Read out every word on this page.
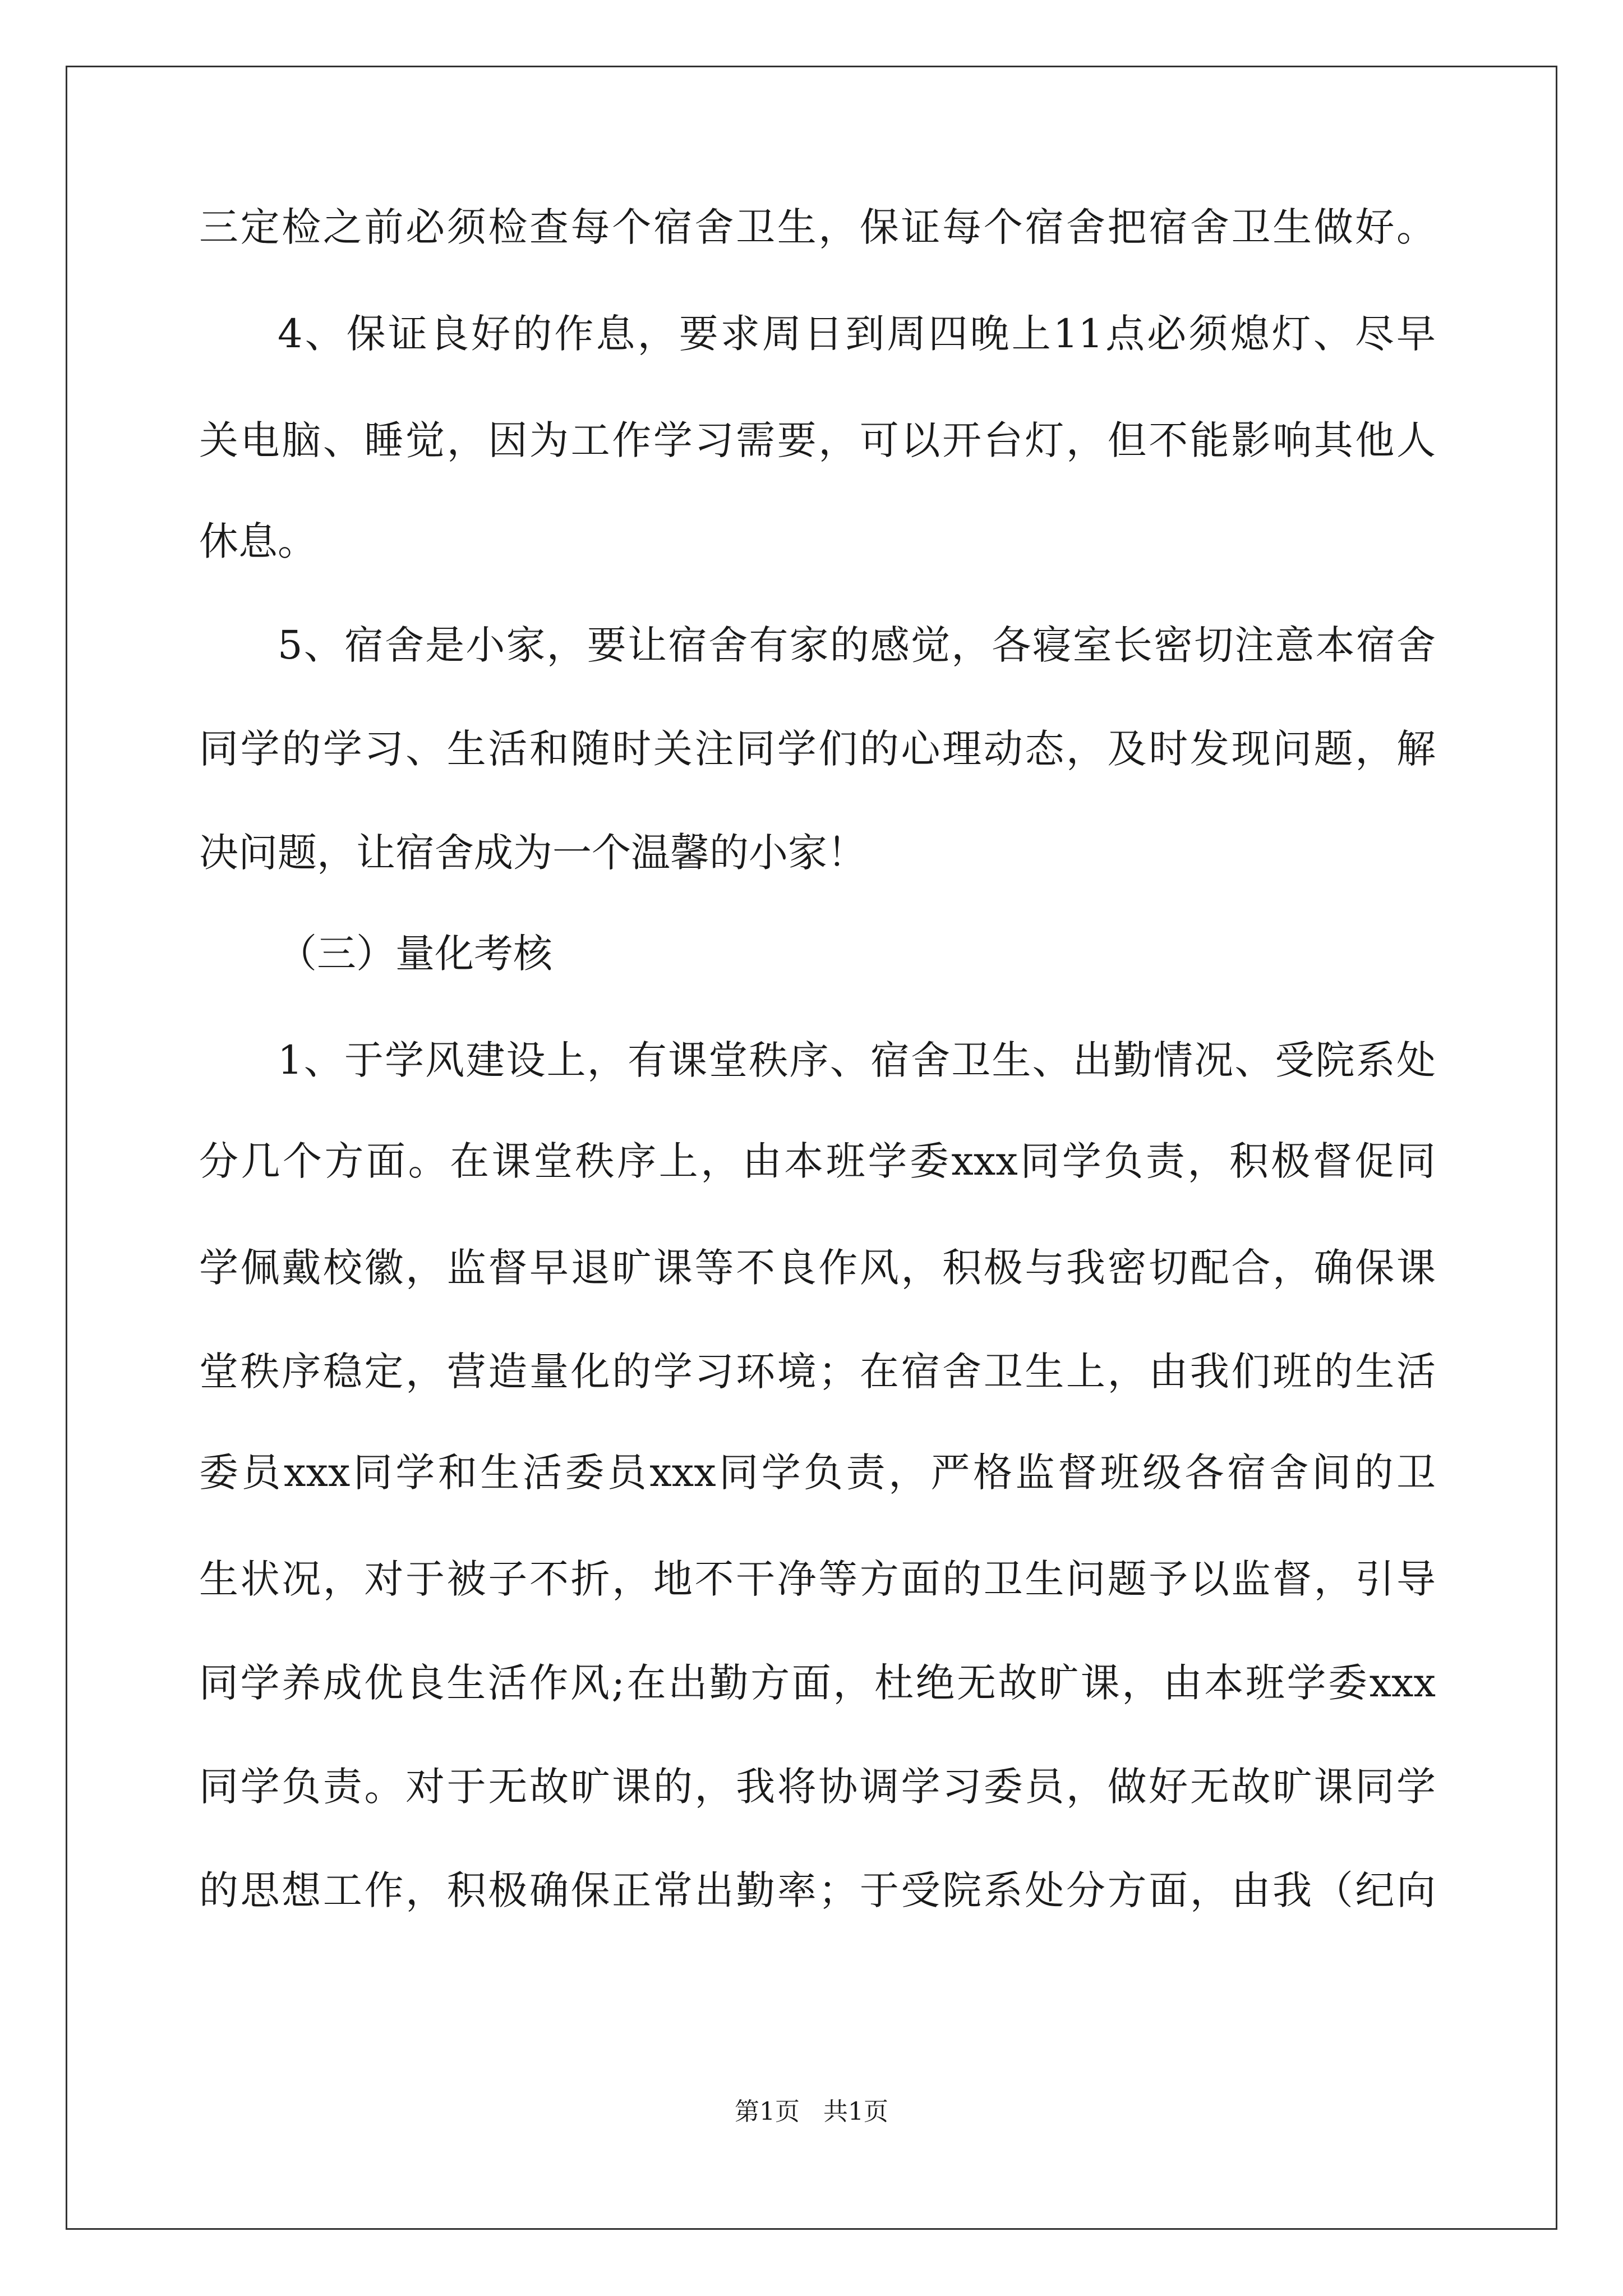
三定检之前必须检查每个宿舍卫生，保证每个宿舍把宿舍卫生做好。
4、保证良好的作息，要求周日到周四晚上11点必须熄灯、尽早
关电脑、睡觉，因为工作学习需要，可以开台灯，但不能影响其他人
休息。
5、宿舍是小家，要让宿舍有家的感觉，各寝室长密切注意本宿舍
同学的学习、生活和随时关注同学们的心理动态，及时发现问题，解
决问题，让宿舍成为一个温馨的小家！
（三）量化考核
1、于学风建设上，有课堂秩序、宿舍卫生、出勤情况、受院系处
分几个方面。在课堂秩序上，由本班学委xxx同学负责，积极督促同
学佩戴校徽，监督早退旷课等不良作风，积极与我密切配合，确保课
堂秩序稳定，营造量化的学习环境；在宿舍卫生上，由我们班的生活
委员xxx同学和生活委员xxx同学负责，严格监督班级各宿舍间的卫
生状况，对于被子不折，地不干净等方面的卫生问题予以监督，引导
同学养成优良生活作风;在出勤方面，杜绝无故旷课，由本班学委xxx
同学负责。对于无故旷课的，我将协调学习委员，做好无故旷课同学
的思想工作，积极确保正常出勤率；于受院系处分方面，由我（纪向
第1页 共1页
